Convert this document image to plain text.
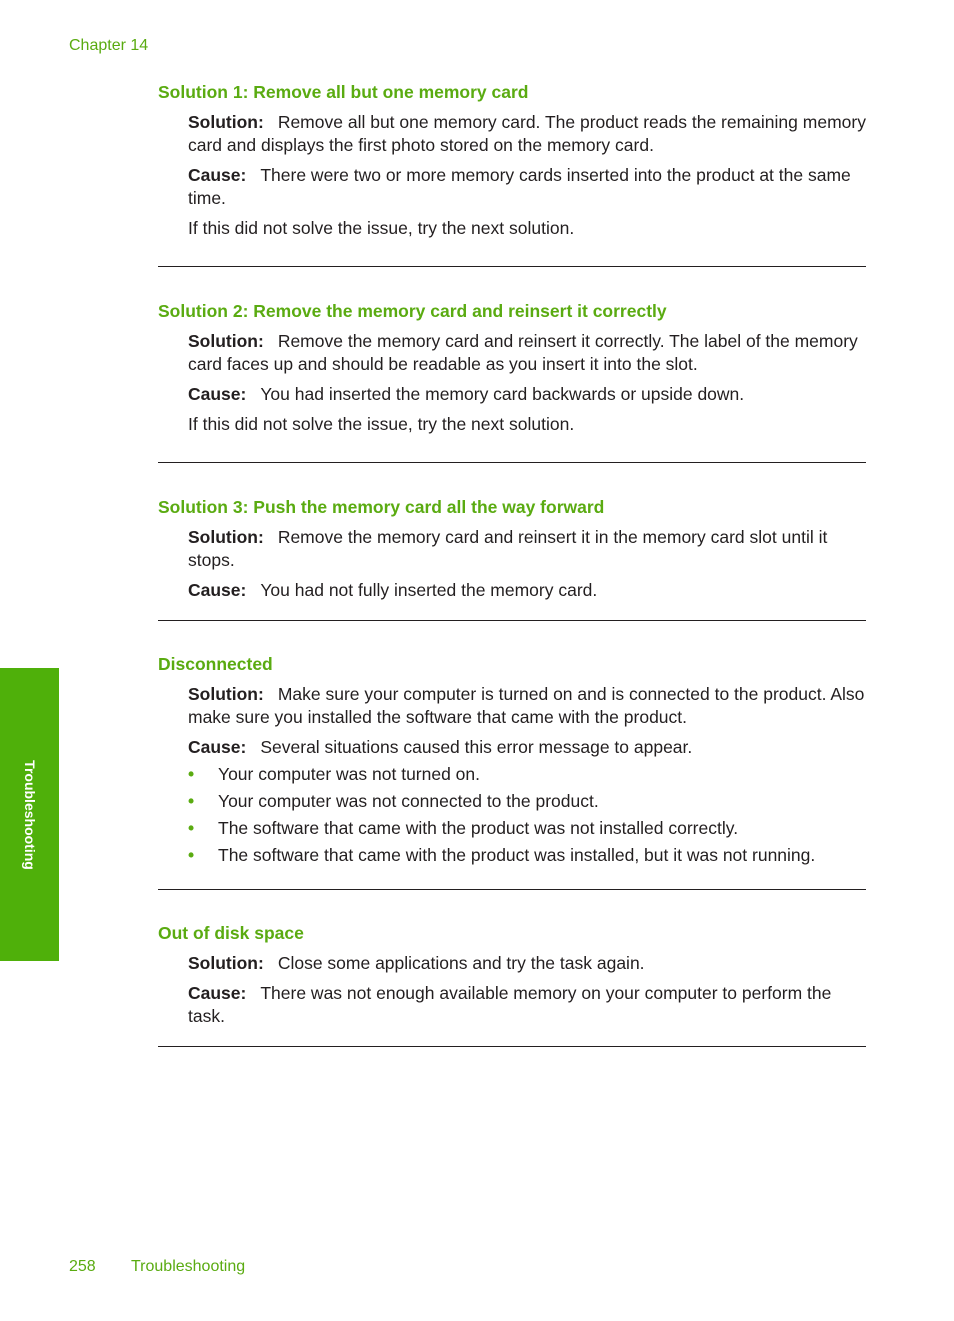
Chapter 14
Troubleshooting
Solution 1: Remove all but one memory card

Solution: Remove all but one memory card. The product reads the remaining memory card and displays the first photo stored on the memory card.

Cause: There were two or more memory cards inserted into the product at the same time.

If this did not solve the issue, try the next solution.

Solution 2: Remove the memory card and reinsert it correctly

Solution: Remove the memory card and reinsert it correctly. The label of the memory card faces up and should be readable as you insert it into the slot.

Cause: You had inserted the memory card backwards or upside down.

If this did not solve the issue, try the next solution.

Solution 3: Push the memory card all the way forward

Solution: Remove the memory card and reinsert it in the memory card slot until it stops.

Cause: You had not fully inserted the memory card.

Disconnected

Solution: Make sure your computer is turned on and is connected to the product. Also make sure you installed the software that came with the product.

Cause: Several situations caused this error message to appear.

• Your computer was not turned on.
• Your computer was not connected to the product.
• The software that came with the product was not installed correctly.
• The software that came with the product was installed, but it was not running.
Out of disk space

Solution: Close some applications and try the task again.

Cause: There was not enough available memory on your computer to perform the task.

258 Troubleshooting
